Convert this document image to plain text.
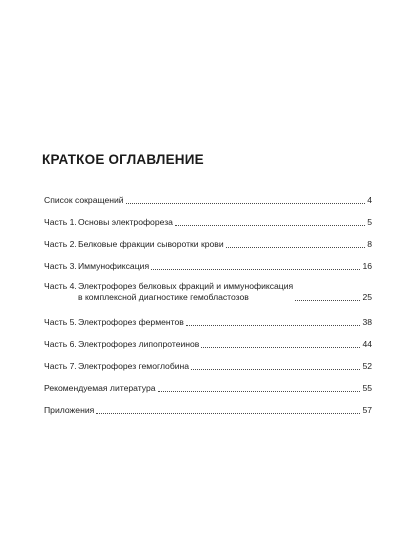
КРАТКОЕ ОГЛАВЛЕНИЕ
Список сокращений	4
Часть 1. Основы электрофореза	5
Часть 2. Белковые фракции сыворотки крови	8
Часть 3. Иммунофиксация	16
Часть 4. Электрофорез белковых фракций и иммунофиксация
в комплексной диагностике гемобластозов	25
Часть 5. Электрофорез ферментов	38
Часть 6. Электрофорез липопротеинов	44
Часть 7. Электрофорез гемоглобина	52
Рекомендуемая литература	55
Приложения	57
